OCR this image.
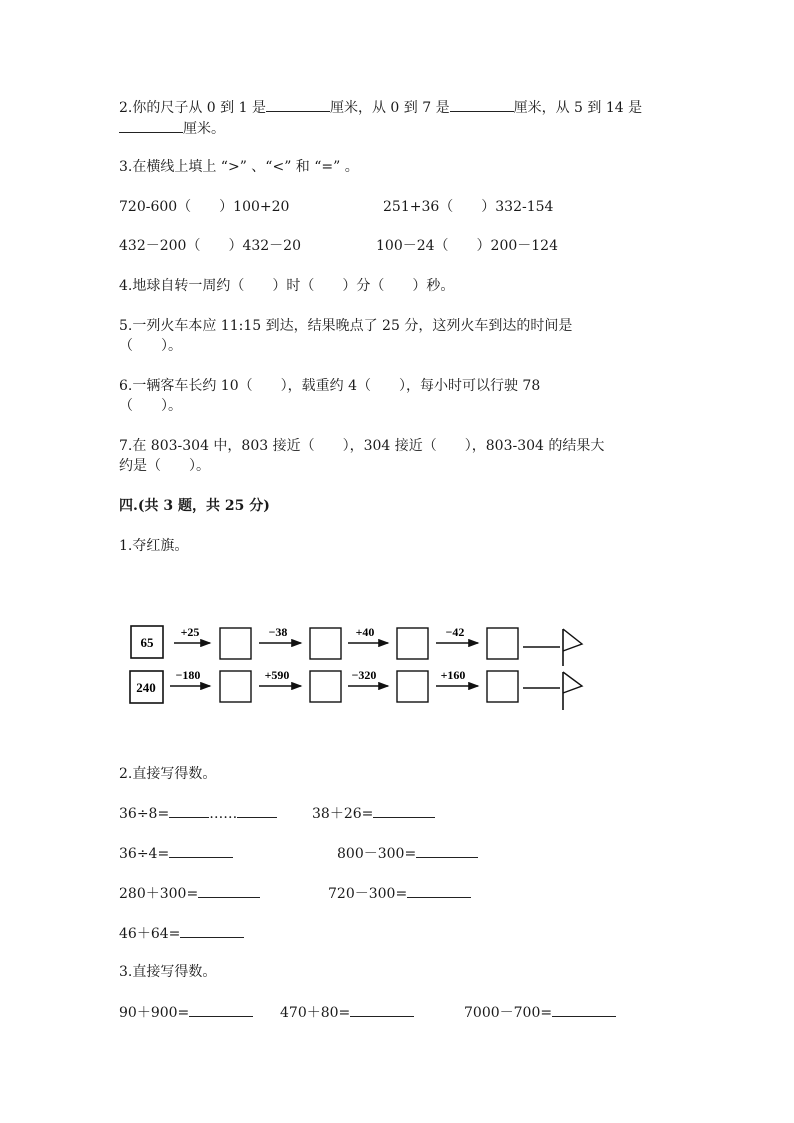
2.你的尺子从 0 到 1 是	厘米，从 0 到 7 是	厘米，从 5 到 14 是
厘米。
3.在横线上填上 “>” 、“<” 和 “=” 。
720-600（　　）100+20	251+36（　　）332-154
432－200（　　）432－20	100－24（　　）200－124
4.地球自转一周约（　　）时（　　）分（　　）秒。
5.一列火车本应 11:15 到达，结果晚点了 25 分，这列火车到达的时间是
（　　）。
6.一辆客车长约 10（　　），载重约 4（　　），每小时可以行驶 78
（　　）。
7.在 803-304 中，803 接近（　　），304 接近（　　），803-304 的结果大
约是（　　）。
四.(共 3 题，共 25 分)
1.夺红旗。
65
+25	−38	+40	−42
240
−180	+590	−320	+160
2.直接写得数。
36÷8=	……	38＋26=
36÷4=	800－300=
280＋300=	720－300=
46＋64=
3.直接写得数。
90＋900=	470＋80=	7000－700=
